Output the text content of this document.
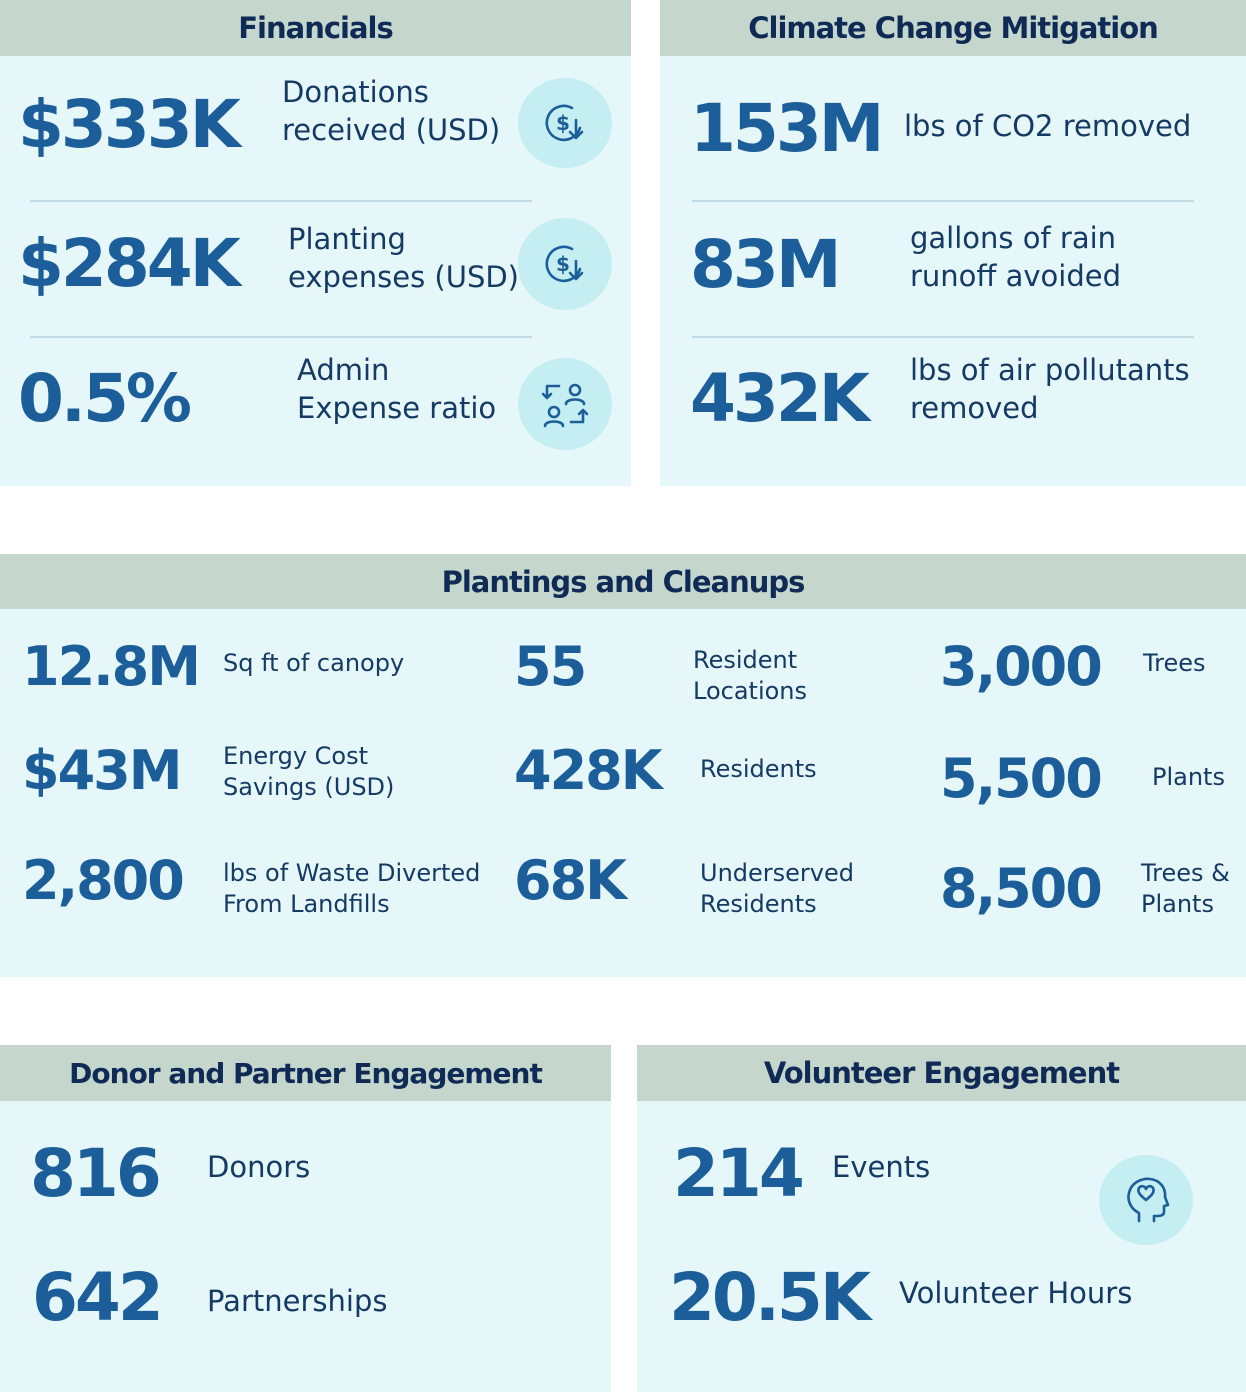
Financials
$333K Donations
received (USD)	$
$284K Planting
expenses (USD) $
0.5%	Admin
Expense ratio
Climate Change Mitigation
153M lbs of CO2 removed
83M gallons of rain
runoff avoided
432K lbs of air pollutants
removed
Plantings and Cleanups
12.8M Sq ft of canopy
$43M Energy Cost
Savings (USD)
2,800 lbs of Waste Diverted
From Landfills
55	Resident
Locations
428K Residents
68K	Underserved
Residents
3,000 Trees
5,500 Plants
8,500 Trees &
Plants
Donor and Partner Engagement
816 Donors
642 Partnerships
Volunteer Engagement
214 Events
20.5K Volunteer Hours
